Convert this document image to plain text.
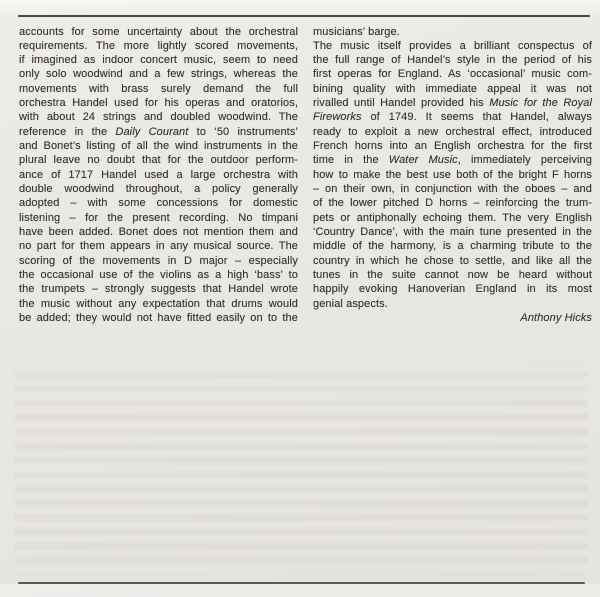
accounts for some uncertainty about the orchestral
requirements. The more lightly scored movements,
if imagined as indoor concert music, seem to need
only solo woodwind and a few strings, whereas the
movements with brass surely demand the full
orchestra Handel used for his operas and oratorios,
with about 24 strings and doubled woodwind. The
reference in the Daily Courant to ‘50 instruments’
and Bonet’s listing of all the wind instruments in the
plural leave no doubt that for the outdoor perform-
ance of 1717 Handel used a large orchestra with
double woodwind throughout, a policy generally
adopted – with some concessions for domestic
listening – for the present recording. No timpani
have been added. Bonet does not mention them and
no part for them appears in any musical source. The
scoring of the movements in D major – especially
the occasional use of the violins as a high ‘bass’ to
the trumpets – strongly suggests that Handel wrote
the music without any expectation that drums would
be added; they would not have fitted easily on to the
musicians’ barge.
The music itself provides a brilliant conspectus of
the full range of Handel’s style in the period of his
first operas for England. As ‘occasional’ music com-
bining quality with immediate appeal it was not
rivalled until Handel provided his Music for the Royal
Fireworks of 1749. It seems that Handel, always
ready to exploit a new orchestral effect, introduced
French horns into an English orchestra for the first
time in the Water Music, immediately perceiving
how to make the best use both of the bright F horns
– on their own, in conjunction with the oboes – and
of the lower pitched D horns – reinforcing the trum-
pets or antiphonally echoing them. The very English
‘Country Dance’, with the main tune presented in the
middle of the harmony, is a charming tribute to the
country in which he chose to settle, and like all the
tunes in the suite cannot now be heard without
happily evoking Hanoverian England in its most
genial aspects.
Anthony Hicks
